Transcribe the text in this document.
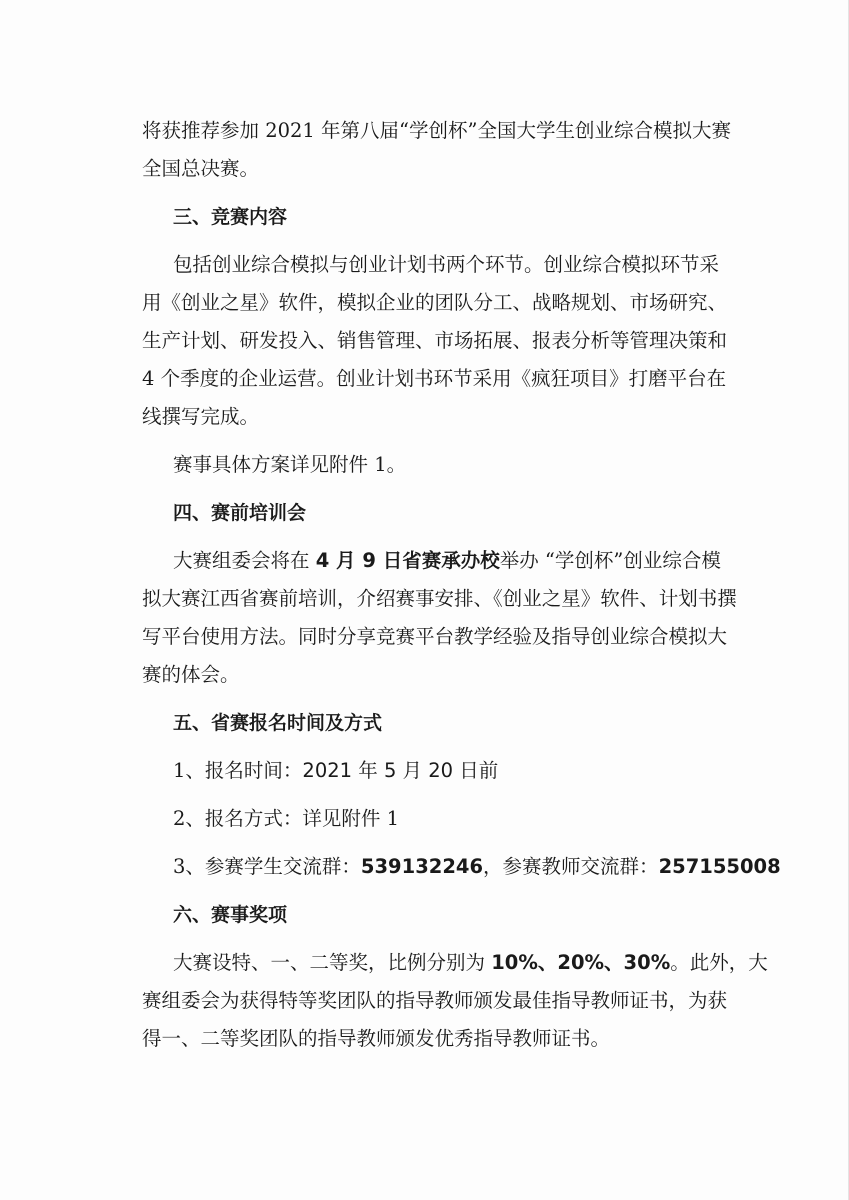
将获推荐参加 2021 年第八届“学创杯”全国大学生创业综合模拟大赛
全国总决赛。
三、竞赛内容
包括创业综合模拟与创业计划书两个环节。创业综合模拟环节采
用《创业之星》软件，模拟企业的团队分工、战略规划、市场研究、
生产计划、研发投入、销售管理、市场拓展、报表分析等管理决策和
4 个季度的企业运营。创业计划书环节采用《疯狂项目》打磨平台在
线撰写完成。
赛事具体方案详见附件 1。
四、赛前培训会
大赛组委会将在 4 月 9 日省赛承办校举办 “学创杯”创业综合模
拟大赛江西省赛前培训，介绍赛事安排、《创业之星》软件、计划书撰
写平台使用方法。同时分享竞赛平台教学经验及指导创业综合模拟大
赛的体会。
五、省赛报名时间及方式
1、报名时间：2021 年 5 月 20 日前
2、报名方式：详见附件 1
3、参赛学生交流群：539132246，参赛教师交流群：257155008
六、赛事奖项
大赛设特、一、二等奖，比例分别为 10%、20%、30%。此外，大
赛组委会为获得特等奖团队的指导教师颁发最佳指导教师证书，为获
得一、二等奖团队的指导教师颁发优秀指导教师证书。
